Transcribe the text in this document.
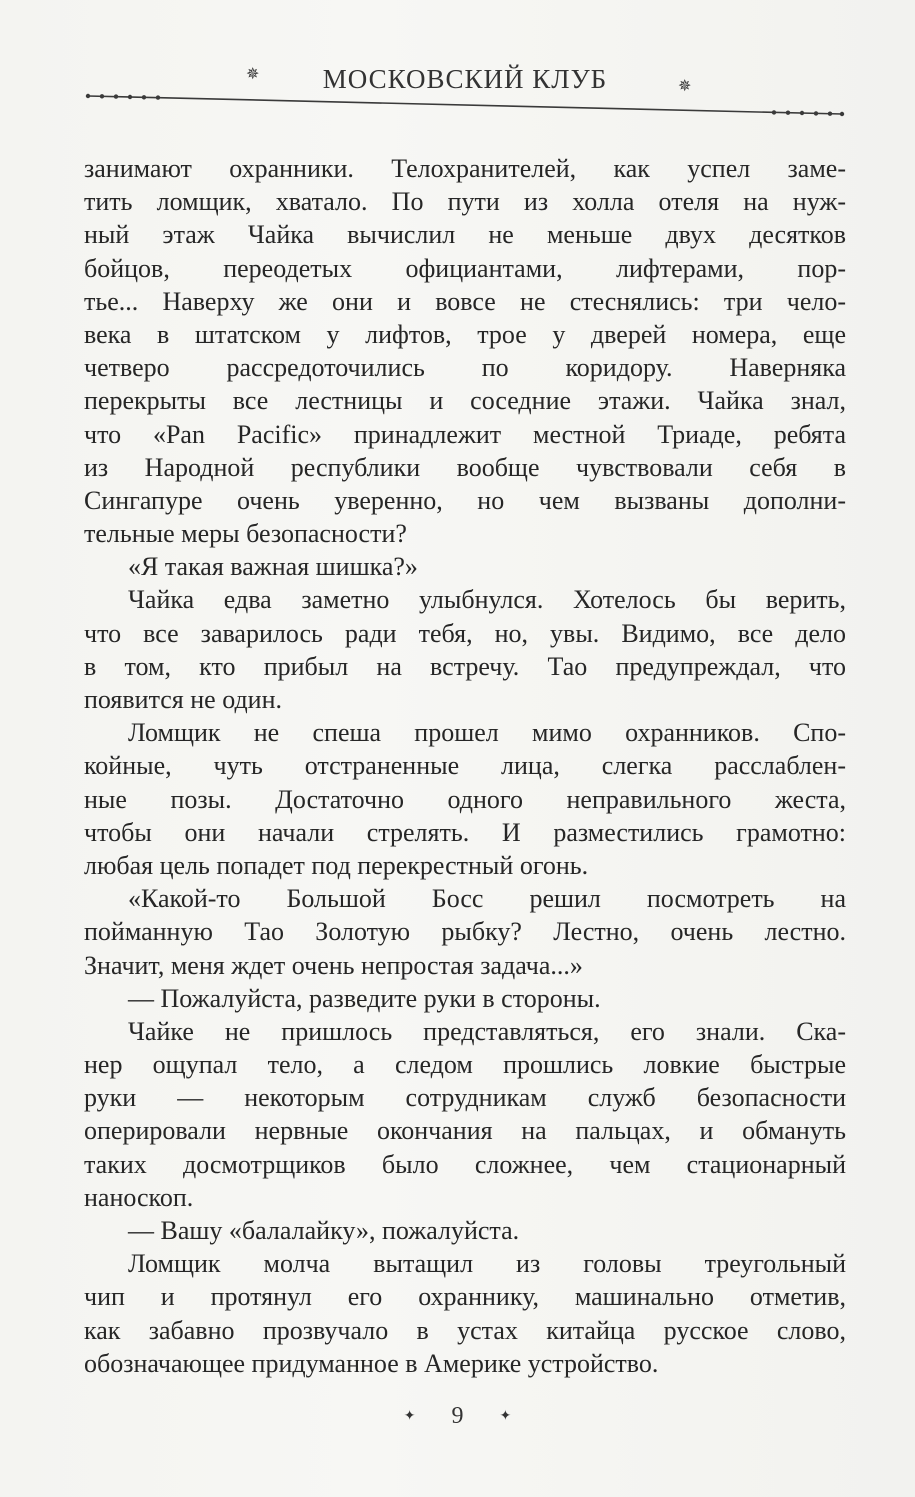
✵	МОСКОВСКИЙ КЛУБ	✵
занимают охранники. Телохранителей, как успел заме-
тить ломщик, хватало. По пути из холла отеля на нуж-
ный этаж Чайка вычислил не меньше двух десятков
бойцов, переодетых официантами, лифтерами, пор-
тье... Наверху же они и вовсе не стеснялись: три чело-
века в штатском у лифтов, трое у дверей номера, еще
четверо рассредоточились по коридору. Наверняка
перекрыты все лестницы и соседние этажи. Чайка знал,
что «Pan Pacific» принадлежит местной Триаде, ребята
из Народной республики вообще чувствовали себя в
Сингапуре очень уверенно, но чем вызваны дополни-
тельные меры безопасности?
«Я такая важная шишка?»
Чайка едва заметно улыбнулся. Хотелось бы верить,
что все заварилось ради тебя, но, увы. Видимо, все дело
в том, кто прибыл на встречу. Тао предупреждал, что
появится не один.
Ломщик не спеша прошел мимо охранников. Спо-
койные, чуть отстраненные лица, слегка расслаблен-
ные позы. Достаточно одного неправильного жеста,
чтобы они начали стрелять. И разместились грамотно:
любая цель попадет под перекрестный огонь.
«Какой-то Большой Босс решил посмотреть на
пойманную Тао Золотую рыбку? Лестно, очень лестно.
Значит, меня ждет очень непростая задача...»
— Пожалуйста, разведите руки в стороны.
Чайке не пришлось представляться, его знали. Ска-
нер ощупал тело, а следом прошлись ловкие быстрые
руки — некоторым сотрудникам служб безопасности
оперировали нервные окончания на пальцах, и обмануть
таких досмотрщиков было сложнее, чем стационарный
наноскоп.
— Вашу «балалайку», пожалуйста.
Ломщик молча вытащил из головы треугольный
чип и протянул его охраннику, машинально отметив,
как забавно прозвучало в устах китайца русское слово,
обозначающее придуманное в Америке устройство.
✦ 9	✦
